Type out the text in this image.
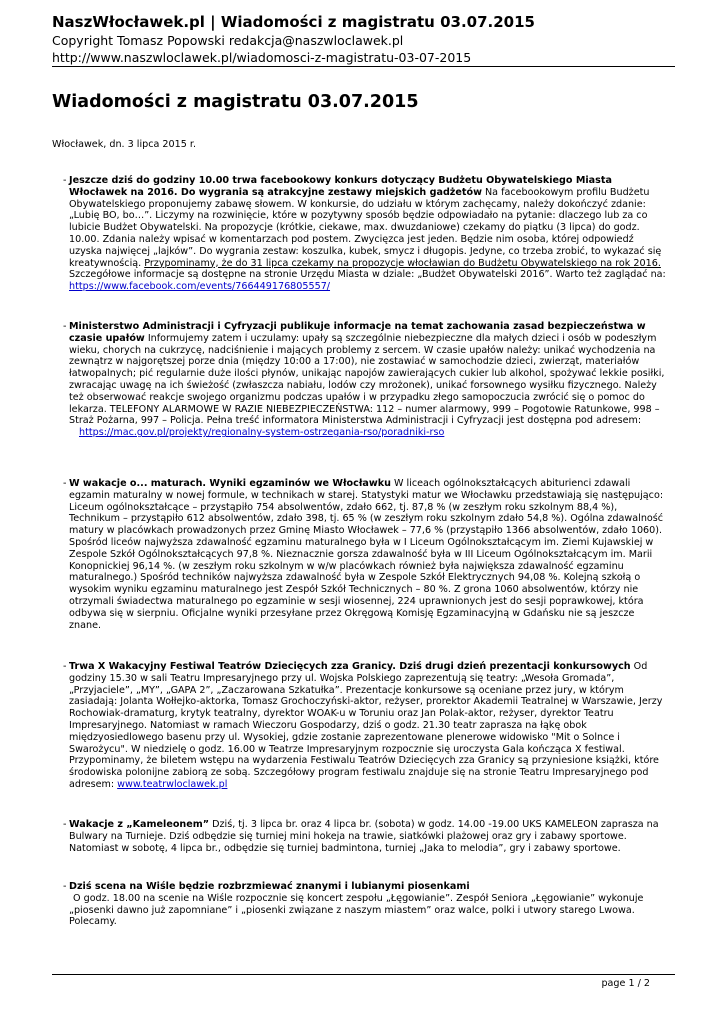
NaszWłocławek.pl | Wiadomości z magistratu 03.07.2015
Copyright Tomasz Popowski redakcja@naszwloclawek.pl
http://www.naszwloclawek.pl/wiadomosci-z-magistratu-03-07-2015
Wiadomości z magistratu 03.07.2015
Włocławek, dn. 3 lipca 2015 r.
- Jeszcze dziś do godziny 10.00 trwa facebookowy konkurs dotyczący Budżetu Obywatelskiego Miasta Włocławek na 2016. Do wygrania są atrakcyjne zestawy miejskich gadżetów Na facebookowym profilu Budżetu Obywatelskiego proponujemy zabawę słowem. W konkursie, do udziału w którym zachęcamy, należy dokończyć zdanie: „Lubię BO, bo…”. Liczymy na rozwinięcie, które w pozytywny sposób będzie odpowiadało na pytanie: dlaczego lub za co lubicie Budżet Obywatelski. Na propozycje (krótkie, ciekawe, max. dwuzdaniowe) czekamy do piątku (3 lipca) do godz. 10.00. Zdania należy wpisać w komentarzach pod postem. Zwycięzca jest jeden. Będzie nim osoba, której odpowiedź uzyska najwięcej „lajków”. Do wygrania zestaw: koszulka, kubek, smycz i długopis. Jedyne, co trzeba zrobić, to wykazać się kreatywnością. Przypominamy, że do 31 lipca czekamy na propozycje włocławian do Budżetu Obywatelskiego na rok 2016. Szczegółowe informacje są dostępne na stronie Urzędu Miasta w dziale: „Budżet Obywatelski 2016”. Warto też zaglądać na: https://www.facebook.com/events/766449176805557/
- Ministerstwo Administracji i Cyfryzacji publikuje informacje na temat zachowania zasad bezpieczeństwa w czasie upałów Informujemy zatem i uczulamy: upały są szczególnie niebezpieczne dla małych dzieci i osób w podeszłym wieku, chorych na cukrzycę, nadciśnienie i mających problemy z sercem. W czasie upałów należy: unikać wychodzenia na zewnątrz w najgorętszej porze dnia (między 10:00 a 17:00), nie zostawiać w samochodzie dzieci, zwierząt, materiałów łatwopalnych; pić regularnie duże ilości płynów, unikając napojów zawierających cukier lub alkohol, spożywać lekkie posiłki, zwracając uwagę na ich świeżość (zwłaszcza nabiału, lodów czy mrożonek), unikać forsownego wysiłku fizycznego. Należy też obserwować reakcje swojego organizmu podczas upałów i w przypadku złego samopoczucia zwrócić się o pomoc do lekarza. TELEFONY ALARMOWE W RAZIE NIEBEZPIECZEŃSTWA: 112 – numer alarmowy, 999 – Pogotowie Ratunkowe, 998 – Straż Pożarna, 997 – Policja. Pełna treść informatora Ministerstwa Administracji i Cyfryzacji jest dostępna pod adresem:
https://mac.gov.pl/projekty/regionalny-system-ostrzegania-rso/poradniki-rso
- W wakacje o... maturach. Wyniki egzaminów we Włocławku W liceach ogólnokształcących abiturienci zdawali egzamin maturalny w nowej formule, w technikach w starej. Statystyki matur we Włocławku przedstawiają się następująco: Liceum ogólnokształcące – przystąpiło 754 absolwentów, zdało 662, tj. 87,8 % (w zeszłym roku szkolnym 88,4 %), Technikum – przystąpiło 612 absolwentów, zdało 398, tj. 65 % (w zeszłym roku szkolnym zdało 54,8 %). Ogólna zdawalność matury w placówkach prowadzonych przez Gminę Miasto Włocławek – 77,6 % (przystąpiło 1366 absolwentów, zdało 1060). Spośród liceów najwyższa zdawalność egzaminu maturalnego była w I Liceum Ogólnokształcącym im. Ziemi Kujawskiej w Zespole Szkół Ogólnokształcących 97,8 %. Nieznacznie gorsza zdawalność była w III Liceum Ogólnokształcącym im. Marii Konopnickiej 96,14 %. (w zeszłym roku szkolnym w w/w placówkach również była największa zdawalność egzaminu maturalnego.) Spośród techników najwyższa zdawalność była w Zespole Szkół Elektrycznych 94,08 %. Kolejną szkołą o wysokim wyniku egzaminu maturalnego jest Zespół Szkół Technicznych – 80 %. Z grona 1060 absolwentów, którzy nie otrzymali świadectwa maturalnego po egzaminie w sesji wiosennej, 224 uprawnionych jest do sesji poprawkowej, która odbywa się w sierpniu. Oficjalne wyniki przesyłane przez Okręgową Komisję Egzaminacyjną w Gdańsku nie są jeszcze znane.
- Trwa X Wakacyjny Festiwal Teatrów Dziecięcych zza Granicy. Dziś drugi dzień prezentacji konkursowych Od godziny 15.30 w sali Teatru Impresaryjnego przy ul. Wojska Polskiego zaprezentują się teatry: „Wesoła Gromada”, „Przyjaciele”, „MY”, „GAPA 2”, „Zaczarowana Szkatułka”. Prezentacje konkursowe są oceniane przez jury, w którym zasiadają: Jolanta Wołłejko-aktorka, Tomasz Grochoczyński-aktor, reżyser, prorektor Akademii Teatralnej w Warszawie, Jerzy Rochowiak-dramaturg, krytyk teatralny, dyrektor WOAK-u w Toruniu oraz Jan Polak-aktor, reżyser, dyrektor Teatru Impresaryjnego. Natomiast w ramach Wieczoru Gospodarzy, dziś o godz. 21.30 teatr zaprasza na łąkę obok międzyosiedlowego basenu przy ul. Wysokiej, gdzie zostanie zaprezentowane plenerowe widowisko "Mit o Solnce i Swarożycu". W niedzielę o godz. 16.00 w Teatrze Impresaryjnym rozpocznie się uroczysta Gala kończąca X festiwal. Przypominamy, że biletem wstępu na wydarzenia Festiwalu Teatrów Dziecięcych zza Granicy są przyniesione książki, które środowiska polonijne zabiorą ze sobą. Szczegółowy program festiwalu znajduje się na stronie Teatru Impresaryjnego pod adresem: www.teatrwloclawek.pl
- Wakacje z „Kameleonem” Dziś, tj. 3 lipca br. oraz 4 lipca br. (sobota) w godz. 14.00 -19.00 UKS KAMELEON zaprasza na Bulwary na Turnieje. Dziś odbędzie się turniej mini hokeja na trawie, siatkówki plażowej oraz gry i zabawy sportowe. Natomiast w sobotę, 4 lipca br., odbędzie się turniej badmintona, turniej „Jaka to melodia”, gry i zabawy sportowe.
- Dziś scena na Wiśle będzie rozbrzmiewać znanymi i lubianymi piosenkami
O godz. 18.00 na scenie na Wiśle rozpocznie się koncert zespołu „Łęgowianie”. Zespół Seniora „Łęgowianie” wykonuje „piosenki dawno już zapomniane” i „piosenki związane z naszym miastem” oraz walce, polki i utwory starego Lwowa. Polecamy.
page 1 / 2
